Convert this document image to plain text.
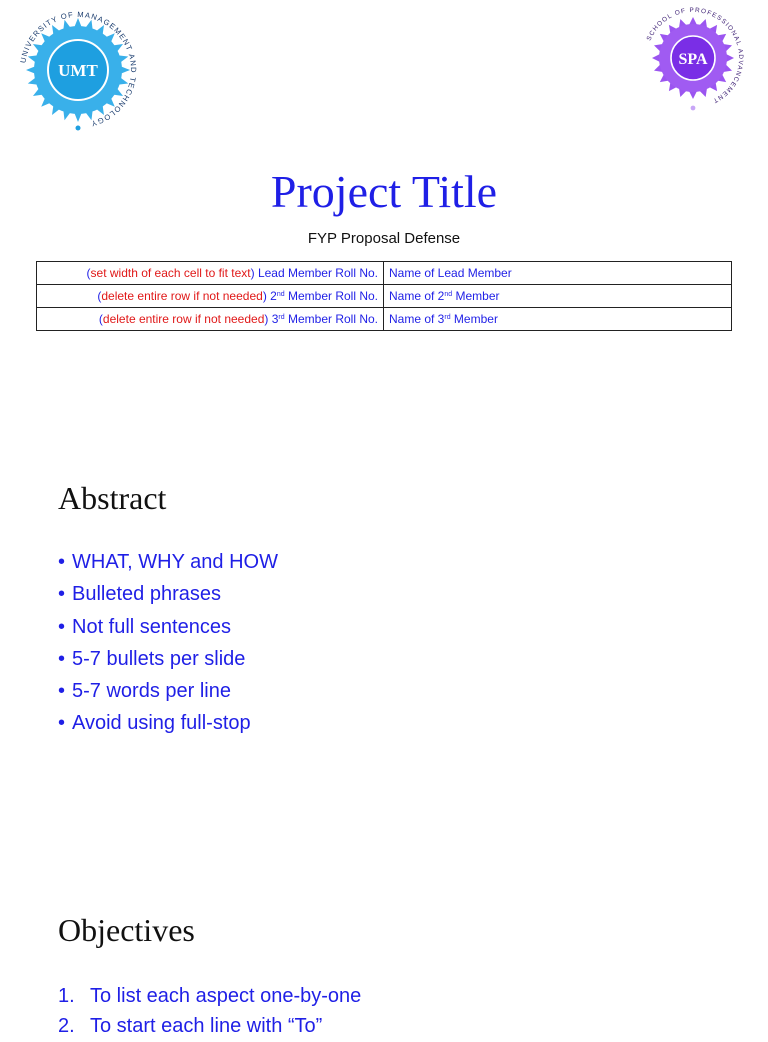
UMT
UNIVERSITY OF MANAGEMENT AND TECHNOLOGY
SPA
SCHOOL OF PROFESSIONAL ADVANCEMENT
Project Title
FYP Proposal Defense
(set width of each cell to fit text) Lead Member Roll No.	Name of Lead Member
(delete entire row if not needed) 2nd Member Roll No.	Name of 2nd Member
(delete entire row if not needed) 3rd Member Roll No.	Name of 3rd Member
Abstract
• WHAT, WHY and HOW
• Bulleted phrases
• Not full sentences
• 5-7 bullets per slide
• 5-7 words per line
• Avoid using full-stop
Objectives
1. To list each aspect one-by-one
2. To start each line with “To”
